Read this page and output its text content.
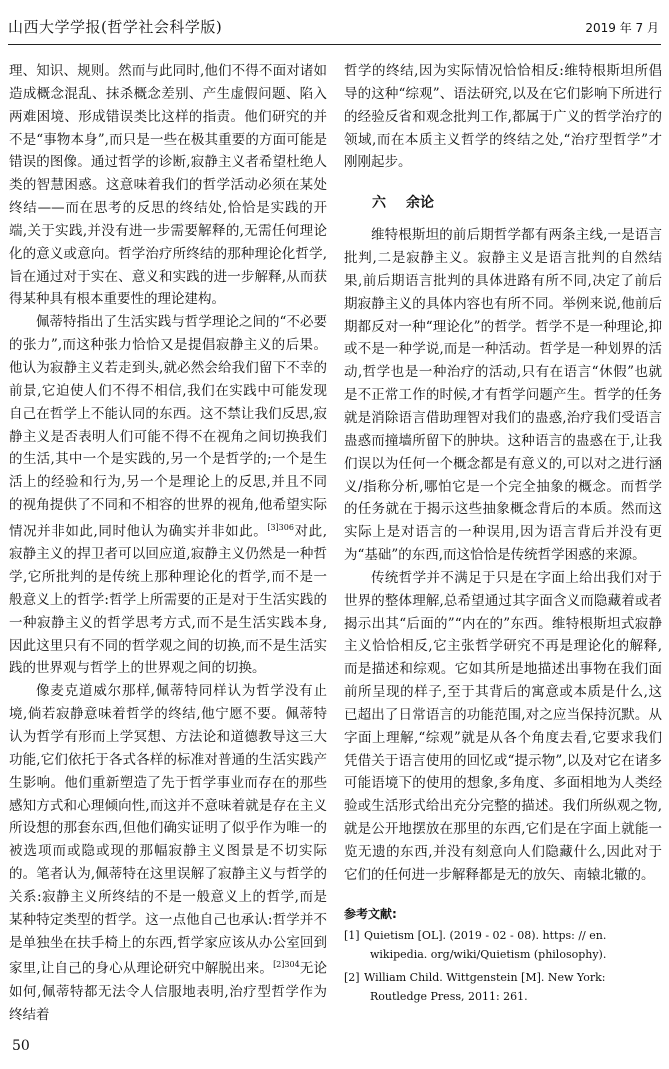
山西大学学报(哲学社会科学版)	2019 年 7 月

理、知识、规则。然而与此同时,他们不得不面对诸如造成概念混乱、抹杀概念差别、产生虚假问题、陷入两难困境、形成错误类比这样的指责。他们研究的并不是“事物本身”,而只是一些在极其重要的方面可能是错误的图像。通过哲学的诊断,寂静主义者希望杜绝人类的智慧困惑。这意味着我们的哲学活动必须在某处终结——而在思考的反思的终结处,恰恰是实践的开端,关于实践,并没有进一步需要解释的,无需任何理论化的意义或意向。哲学治疗所终结的那种理论化哲学,旨在通过对于实在、意义和实践的进一步解释,从而获得某种具有根本重要性的理论建构。

佩蒂特指出了生活实践与哲学理论之间的“不必要的张力”,而这种张力恰恰又是提倡寂静主义的后果。他认为寂静主义若走到头,就必然会给我们留下不幸的前景,它迫使人们不得不相信,我们在实践中可能发现自己在哲学上不能认同的东西。这不禁让我们反思,寂静主义是否表明人们可能不得不在视角之间切换我们的生活,其中一个是实践的,另一个是哲学的;一个是生活上的经验和行为,另一个是理论上的反思,并且不同的视角提供了不同和不相容的世界的视角,他希望实际情况并非如此,同时他认为确实并非如此。$^{[3]306}$对此,寂静主义的捍卫者可以回应道,寂静主义仍然是一种哲学,它所批判的是传统上那种理论化的哲学,而不是一般意义上的哲学:哲学上所需要的正是对于生活实践的一种寂静主义的哲学思考方式,而不是生活实践本身,因此这里只有不同的哲学观之间的切换,而不是生活实践的世界观与哲学上的世界观之间的切换。

像麦克道威尔那样,佩蒂特同样认为哲学没有止境,倘若寂静意味着哲学的终结,他宁愿不要。佩蒂特认为哲学有形而上学冥想、方法论和道德教导这三大功能,它们依托于各式各样的标准对普通的生活实践产生影响。他们重新塑造了先于哲学事业而存在的那些感知方式和心理倾向性,而这并不意味着就是存在主义所设想的那套东西,但他们确实证明了似乎作为唯一的被选项而或隐或现的那幅寂静主义图景是不切实际的。笔者认为,佩蒂特在这里误解了寂静主义与哲学的关系:寂静主义所终结的不是一般意义上的哲学,而是某种特定类型的哲学。这一点他自己也承认:哲学并不是单独坐在扶手椅上的东西,哲学家应该从办公室回到家里,让自己的身心从理论研究中解脱出来。$^{[2]304}$无论如何,佩蒂特都无法令人信服地表明,治疗型哲学作为终结着

哲学的终结,因为实际情况恰恰相反:维特根斯坦所倡导的这种“综观”、语法研究,以及在它们影响下所进行的经验反省和观念批判工作,都属于广义的哲学治疗的领域,而在本质主义哲学的终结之处,“治疗型哲学”才刚刚起步。

六 余论

维特根斯坦的前后期哲学都有两条主线,一是语言批判,二是寂静主义。寂静主义是语言批判的自然结果,前后期语言批判的具体进路有所不同,决定了前后期寂静主义的具体内容也有所不同。举例来说,他前后期都反对一种“理论化”的哲学。哲学不是一种理论,抑或不是一种学说,而是一种活动。哲学是一种划界的活动,哲学也是一种治疗的活动,只有在语言“休假”也就是不正常工作的时候,才有哲学问题产生。哲学的任务就是消除语言借助理智对我们的蛊惑,治疗我们受语言蛊惑而撞墙所留下的肿块。这种语言的蛊惑在于,让我们误以为任何一个概念都是有意义的,可以对之进行涵义/指称分析,哪怕它是一个完全抽象的概念。而哲学的任务就在于揭示这些抽象概念背后的本质。然而这实际上是对语言的一种误用,因为语言背后并没有更为“基础”的东西,而这恰恰是传统哲学困惑的来源。

传统哲学并不满足于只是在字面上给出我们对于世界的整体理解,总希望通过其字面含义而隐藏着或者揭示出其“后面的”“内在的”东西。维特根斯坦式寂静主义恰恰相反,它主张哲学研究不再是理论化的解释,而是描述和综观。它如其所是地描述出事物在我们面前所呈现的样子,至于其背后的寓意或本质是什么,这已超出了日常语言的功能范围,对之应当保持沉默。从字面上理解,“综观”就是从各个角度去看,它要求我们凭借关于语言使用的回忆或“提示物”,以及对它在诸多可能语境下的使用的想象,多角度、多面相地为人类经验或生活形式给出充分完整的描述。我们所纵观之物,就是公开地摆放在那里的东西,它们是在字面上就能一览无遗的东西,并没有刻意向人们隐藏什么,因此对于它们的任何进一步解释都是无的放矢、南辕北辙的。

参考文献:
[1] Quietism [OL]. (2019 - 02 - 08). https: // en. wikipedia. org/wiki/Quietism (philosophy).
[2] William Child. Wittgenstein [M]. New York: Routledge Press, 2011: 261.
50
